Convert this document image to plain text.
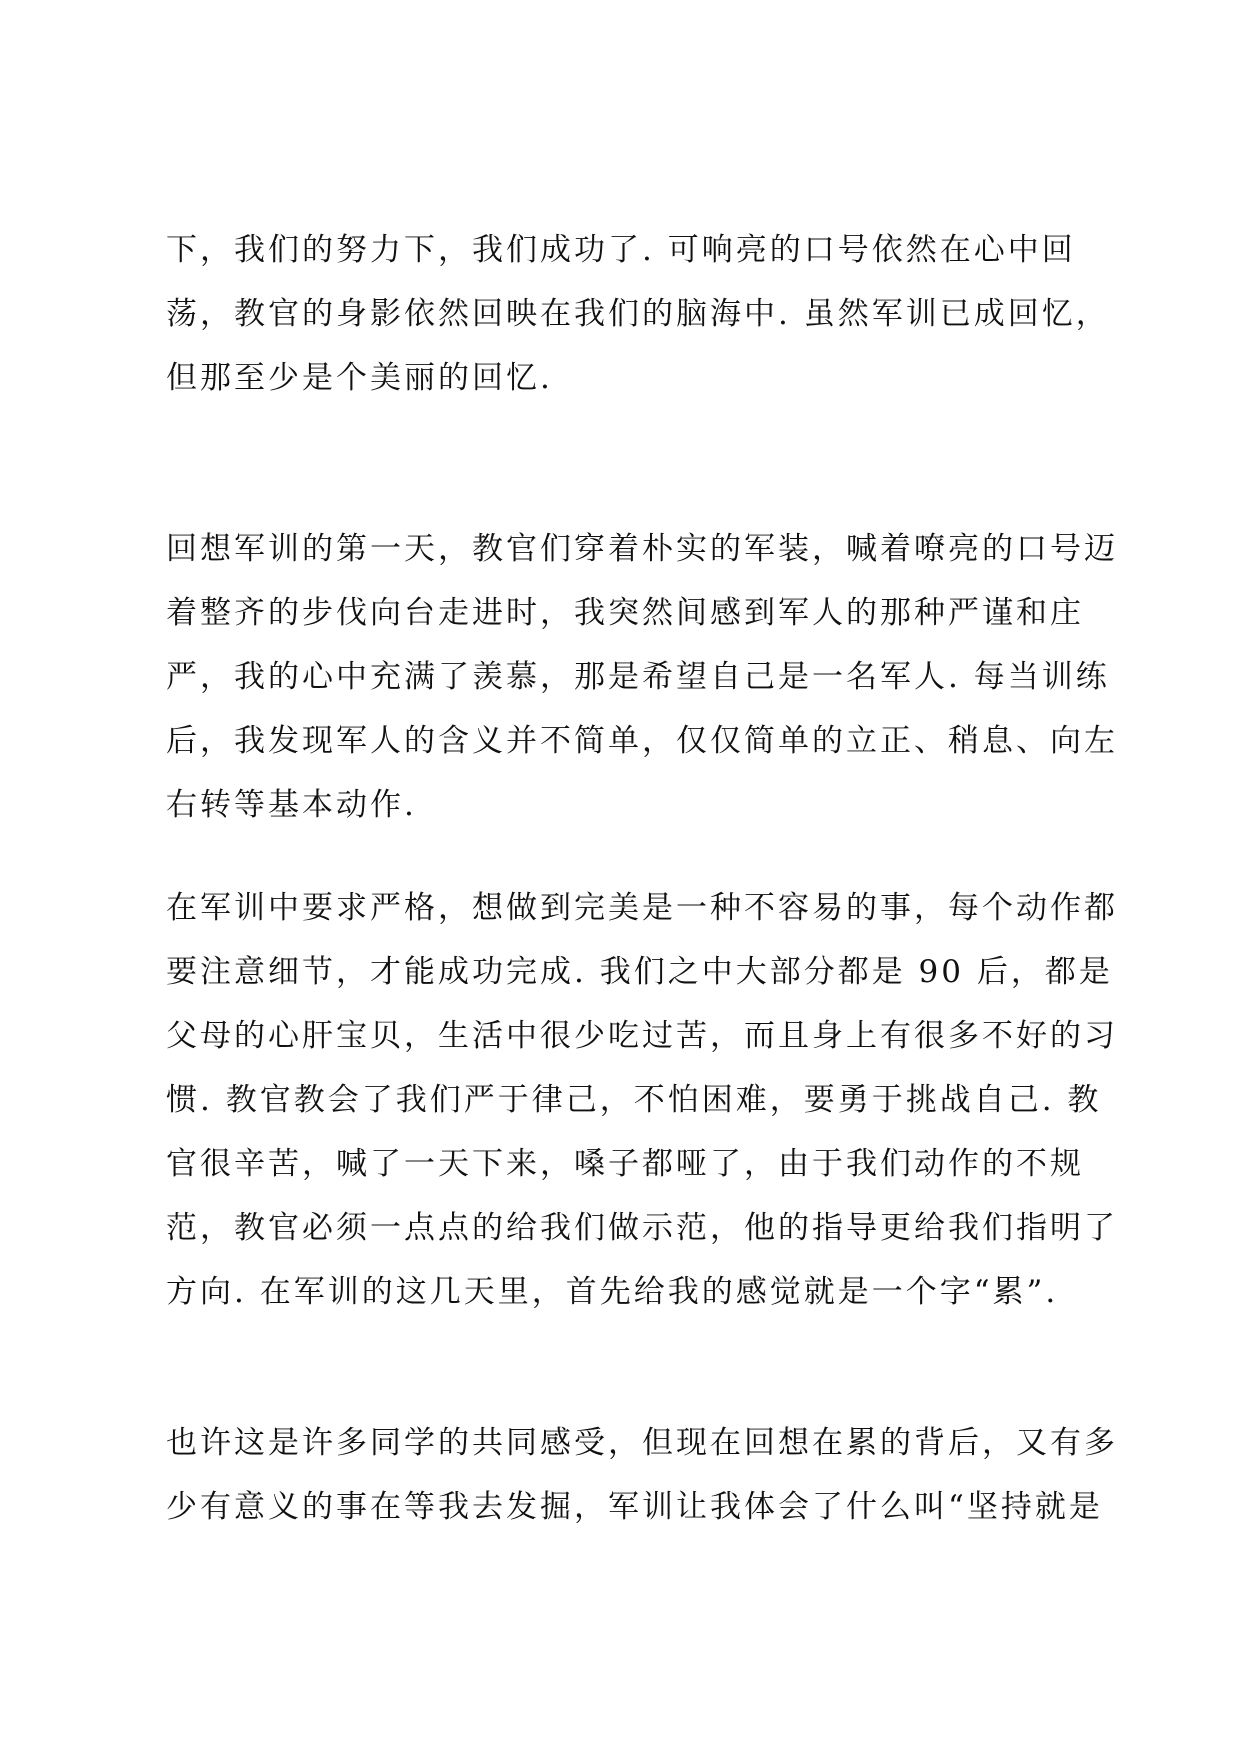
下，我们的努力下，我们成功了. 可响亮的口号依然在心中回
荡，教官的身影依然回映在我们的脑海中. 虽然军训已成回忆，
但那至少是个美丽的回忆.
回想军训的第一天，教官们穿着朴实的军装，喊着嘹亮的口号迈
着整齐的步伐向台走进时，我突然间感到军人的那种严谨和庄
严，我的心中充满了羡慕，那是希望自己是一名军人. 每当训练
后，我发现军人的含义并不简单，仅仅简单的立正、稍息、向左
右转等基本动作.
在军训中要求严格，想做到完美是一种不容易的事，每个动作都
要注意细节，才能成功完成. 我们之中大部分都是 90 后，都是
父母的心肝宝贝，生活中很少吃过苦，而且身上有很多不好的习
惯. 教官教会了我们严于律己，不怕困难，要勇于挑战自己. 教
官很辛苦，喊了一天下来，嗓子都哑了，由于我们动作的不规
范，教官必须一点点的给我们做示范，他的指导更给我们指明了
方向. 在军训的这几天里，首先给我的感觉就是一个字“累”.
也许这是许多同学的共同感受，但现在回想在累的背后，又有多
少有意义的事在等我去发掘，军训让我体会了什么叫“坚持就是
